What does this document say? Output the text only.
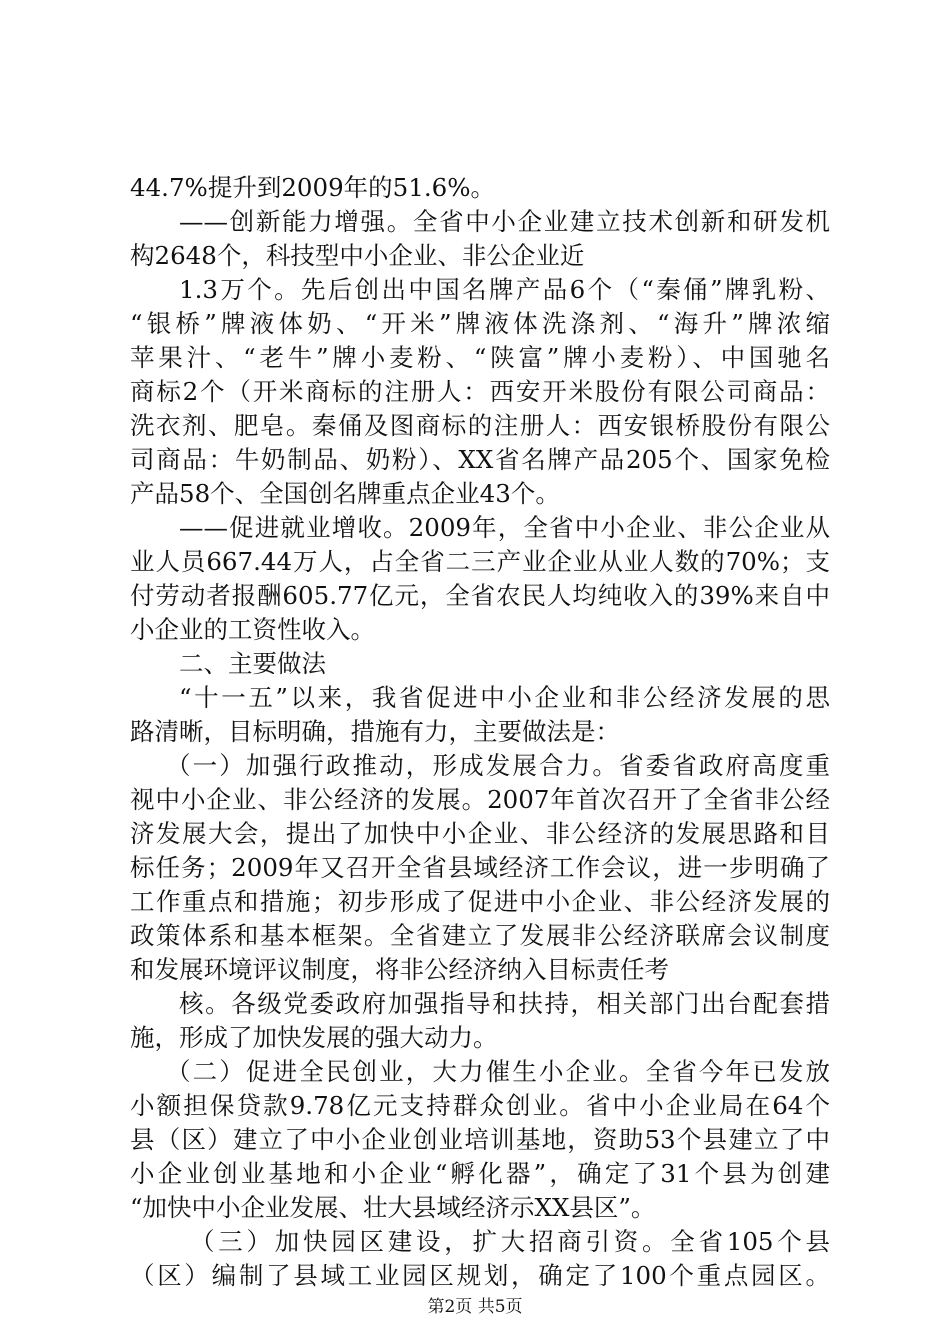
44.7%提升到2009年的51.6%。
——创新能力增强。全省中小企业建立技术创新和研发机
构2648个，科技型中小企业、非公企业近
1.3万个。先后创出中国名牌产品6个（“秦俑”牌乳粉、
“银桥”牌液体奶、“开米”牌液体洗涤剂、“海升”牌浓缩
苹果汁、“老牛”牌小麦粉、“陕富”牌小麦粉）、中国驰名
商标2个（开米商标的注册人：西安开米股份有限公司商品：
洗衣剂、肥皂。秦俑及图商标的注册人：西安银桥股份有限公
司商品：牛奶制品、奶粉）、XX省名牌产品205个、国家免检
产品58个、全国创名牌重点企业43个。
——促进就业增收。2009年，全省中小企业、非公企业从
业人员667.44万人，占全省二三产业企业从业人数的70%；支
付劳动者报酬605.77亿元，全省农民人均纯收入的39%来自中
小企业的工资性收入。
二、主要做法
“十一五”以来，我省促进中小企业和非公经济发展的思
路清晰，目标明确，措施有力，主要做法是：
（一）加强行政推动，形成发展合力。省委省政府高度重
视中小企业、非公经济的发展。2007年首次召开了全省非公经
济发展大会，提出了加快中小企业、非公经济的发展思路和目
标任务；2009年又召开全省县域经济工作会议，进一步明确了
工作重点和措施；初步形成了促进中小企业、非公经济发展的
政策体系和基本框架。全省建立了发展非公经济联席会议制度
和发展环境评议制度，将非公经济纳入目标责任考
核。各级党委政府加强指导和扶持，相关部门出台配套措
施，形成了加快发展的强大动力。
（二）促进全民创业，大力催生小企业。全省今年已发放
小额担保贷款9.78亿元支持群众创业。省中小企业局在64个
县（区）建立了中小企业创业培训基地，资助53个县建立了中
小企业创业基地和小企业“孵化器”，确定了31个县为创建
“加快中小企业发展、壮大县域经济示XX县区”。
（三）加快园区建设，扩大招商引资。全省105个县
（区）编制了县域工业园区规划，确定了100个重点园区。
第2页 共5页
